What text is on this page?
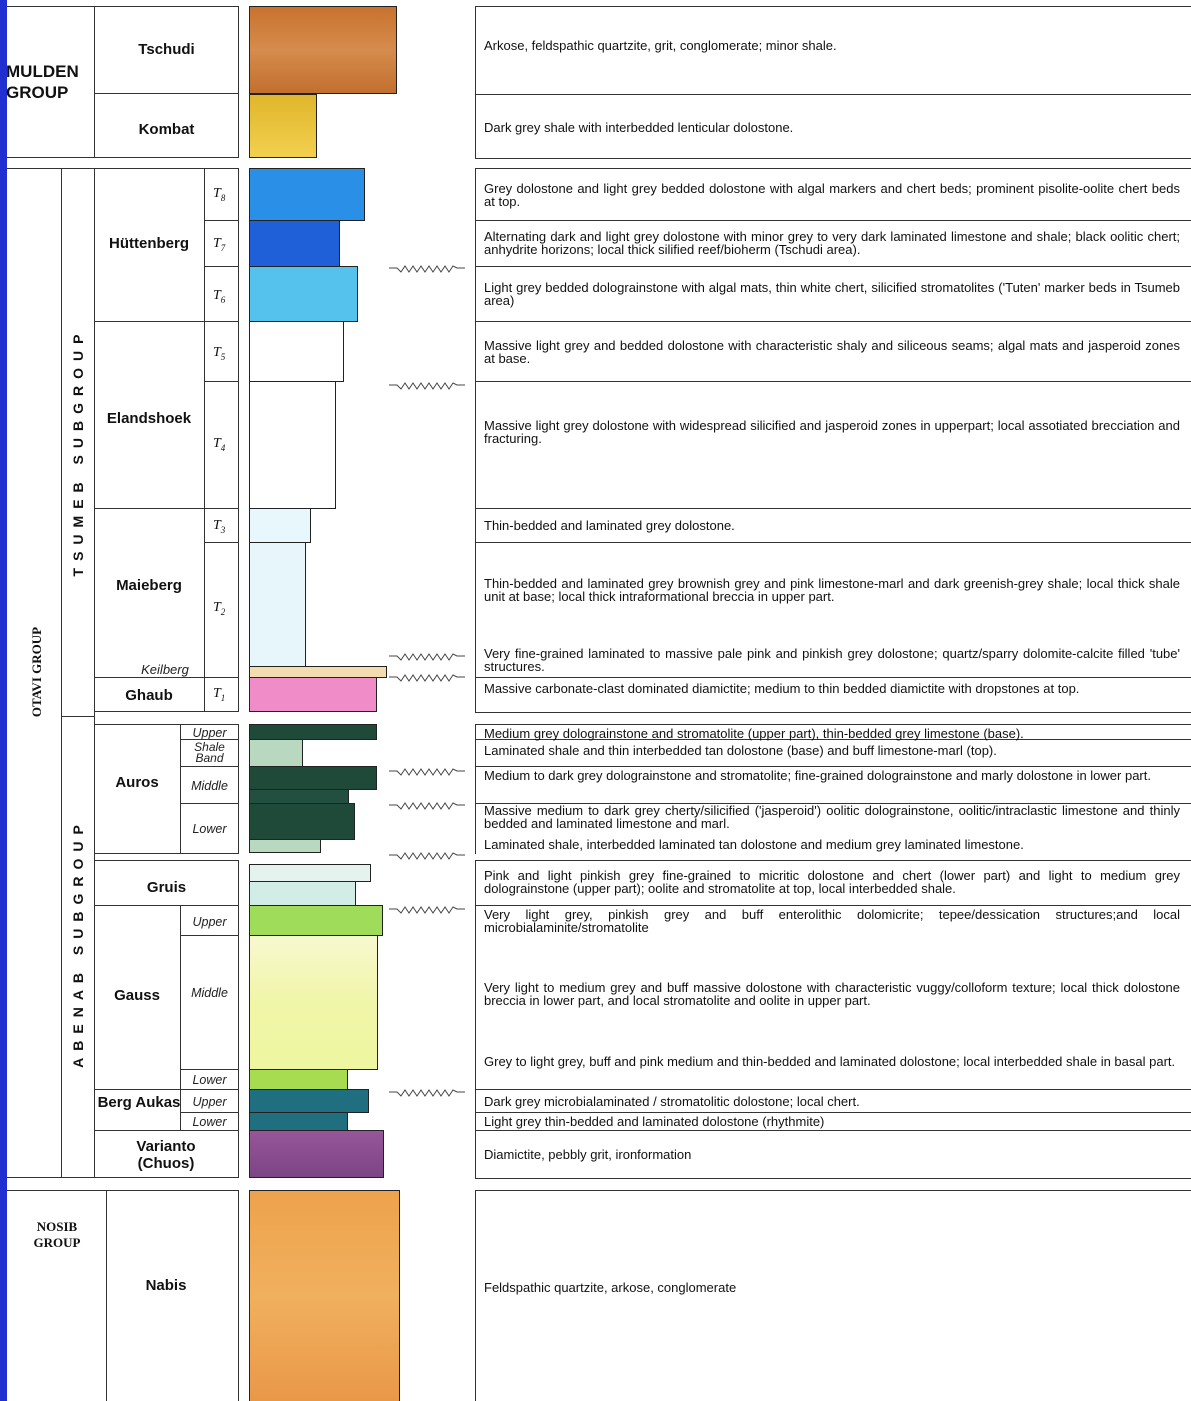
MULDEN GROUP
Tschudi
Kombat
OTAVI GROUP
TSUMEB SUBGROUP
ABENAB SUBGROUP
Hüttenberg
$T_8$
$T_7$
$T_6$
Elandshoek
$T_5$
$T_4$
Maieberg
$T_3$
$T_2$
Keilberg
Ghaub	$T_1$
Auros
Upper
Shale Band
Middle
Lower
Gruis
Gauss
Upper
Middle
Lower
Berg Aukas Upper
Lower
Varianto (Chuos)
NOSIB GROUP
Nabis
Arkose, feldspathic quartzite, grit, conglomerate; minor shale.
Dark grey shale with interbedded lenticular dolostone.
Grey dolostone and light grey bedded dolostone with algal markers and chert beds; prominent pisolite-oolite chert beds at top.
Alternating dark and light grey dolostone with minor grey to very dark laminated limestone and shale; black oolitic chert; anhydrite horizons; local thick silified reef/bioherm (Tschudi area).
Light grey bedded dolograinstone with algal mats, thin white chert, silicified stromatolites ('Tuten' marker beds in Tsumeb area)
Massive light grey and bedded dolostone with characteristic shaly and siliceous seams; algal mats and jasperoid zones at base.
Massive light grey dolostone with widespread silicified and jasperoid zones in upperpart; local assotiated brecciation and fracturing.
Thin-bedded and laminated grey dolostone.
Thin-bedded and laminated grey brownish grey and pink limestone-marl and dark greenish-grey shale; local thick shale unit at base; local thick intraformational breccia in upper part.
Very fine-grained laminated to massive pale pink and pinkish grey dolostone; quartz/sparry dolomite-calcite filled 'tube' structures.
Massive carbonate-clast dominated diamictite; medium to thin bedded diamictite with dropstones at top.
Medium grey dolograinstone and stromatolite (upper part), thin-bedded grey limestone (base).
Laminated shale and thin interbedded tan dolostone (base) and buff limestone-marl (top).
Medium to dark grey dolograinstone and stromatolite; fine-grained dolograinstone and marly dolostone in lower part.
Massive medium to dark grey cherty/silicified ('jasperoid') oolitic dolograinstone, oolitic/intraclastic limestone and thinly bedded and laminated limestone and marl.
Laminated shale, interbedded laminated tan dolostone and medium grey laminated limestone.
Pink and light pinkish grey fine-grained to micritic dolostone and chert (lower part) and light to medium grey dolograinstone (upper part); oolite and stromatolite at top, local interbedded shale.
Very light grey, pinkish grey and buff enterolithic dolomicrite; tepee/dessication structures;and local microbialaminite/stromatolite
Very light to medium grey and buff massive dolostone with characteristic vuggy/colloform texture; local thick dolostone breccia in lower part, and local stromatolite and oolite in upper part.
Grey to light grey, buff and pink medium and thin-bedded and laminated dolostone; local interbedded shale in basal part.
Dark grey microbialaminated / stromatolitic dolostone; local chert.
Light grey thin-bedded and laminated dolostone (rhythmite)
Diamictite, pebbly grit, ironformation
Feldspathic quartzite, arkose, conglomerate
